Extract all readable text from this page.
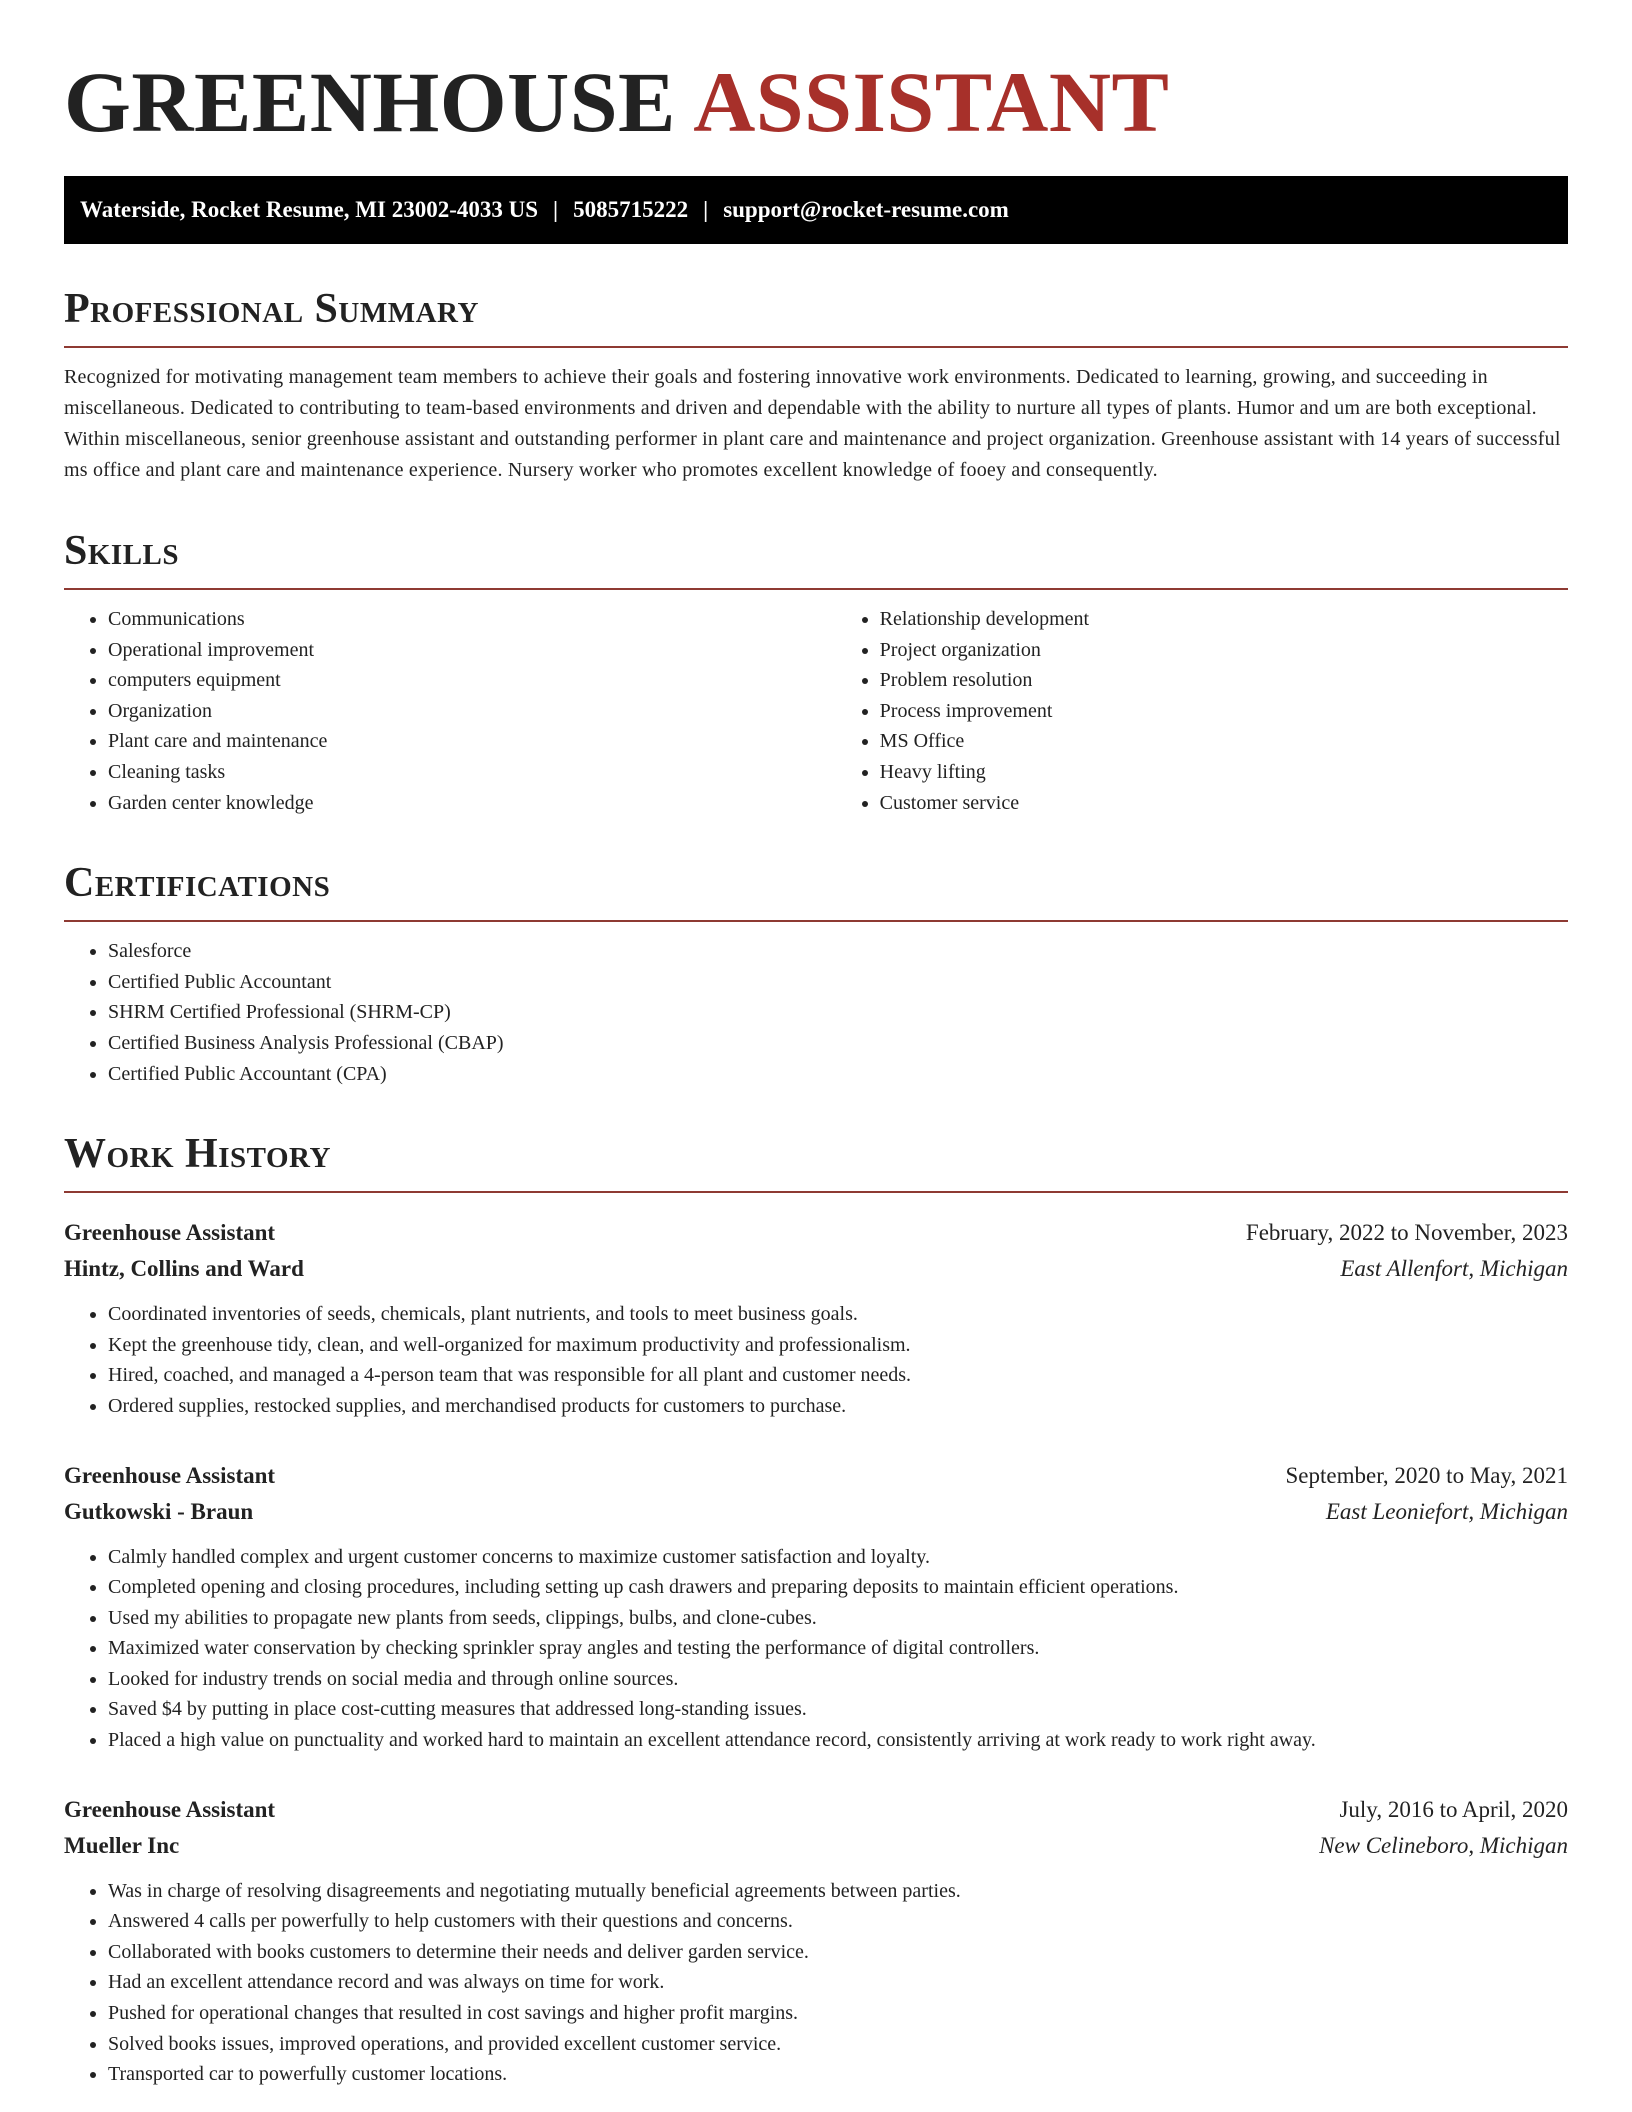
GREENHOUSE ASSISTANT
Waterside, Rocket Resume, MI 23002-4033 US | 5085715222 | support@rocket-resume.com
Professional Summary

Recognized for motivating management team members to achieve their goals and fostering innovative work environments. Dedicated to learning, growing, and succeeding in miscellaneous. Dedicated to contributing to team-based environments and driven and dependable with the ability to nurture all types of plants. Humor and um are both exceptional. Within miscellaneous, senior greenhouse assistant and outstanding performer in plant care and maintenance and project organization. Greenhouse assistant with 14 years of successful ms office and plant care and maintenance experience. Nursery worker who promotes excellent knowledge of fooey and consequently.

Skills
• Communications
• Operational improvement
• computers equipment
• Organization
• Plant care and maintenance
• Cleaning tasks
• Garden center knowledge
• Relationship development
• Project organization
• Problem resolution
• Process improvement
• MS Office
• Heavy lifting
• Customer service
Certifications
• Salesforce
• Certified Public Accountant
• SHRM Certified Professional (SHRM-CP)
• Certified Business Analysis Professional (CBAP)
• Certified Public Accountant (CPA)
Work History
Greenhouse Assistant	February, 2022 to November, 2023
Hintz, Collins and Ward	East Allenfort, Michigan
• Coordinated inventories of seeds, chemicals, plant nutrients, and tools to meet business goals.
• Kept the greenhouse tidy, clean, and well-organized for maximum productivity and professionalism.
• Hired, coached, and managed a 4-person team that was responsible for all plant and customer needs.
• Ordered supplies, restocked supplies, and merchandised products for customers to purchase.
Greenhouse Assistant	September, 2020 to May, 2021
Gutkowski - Braun	East Leoniefort, Michigan
• Calmly handled complex and urgent customer concerns to maximize customer satisfaction and loyalty.
• Completed opening and closing procedures, including setting up cash drawers and preparing deposits to maintain efficient operations.
• Used my abilities to propagate new plants from seeds, clippings, bulbs, and clone-cubes.
• Maximized water conservation by checking sprinkler spray angles and testing the performance of digital controllers.
• Looked for industry trends on social media and through online sources.
• Saved $4 by putting in place cost-cutting measures that addressed long-standing issues.
• Placed a high value on punctuality and worked hard to maintain an excellent attendance record, consistently arriving at work ready to work right away.
Greenhouse Assistant	July, 2016 to April, 2020
Mueller Inc	New Celineboro, Michigan
• Was in charge of resolving disagreements and negotiating mutually beneficial agreements between parties.
• Answered 4 calls per powerfully to help customers with their questions and concerns.
• Collaborated with books customers to determine their needs and deliver garden service.
• Had an excellent attendance record and was always on time for work.
• Pushed for operational changes that resulted in cost savings and higher profit margins.
• Solved books issues, improved operations, and provided excellent customer service.
• Transported car to powerfully customer locations.
